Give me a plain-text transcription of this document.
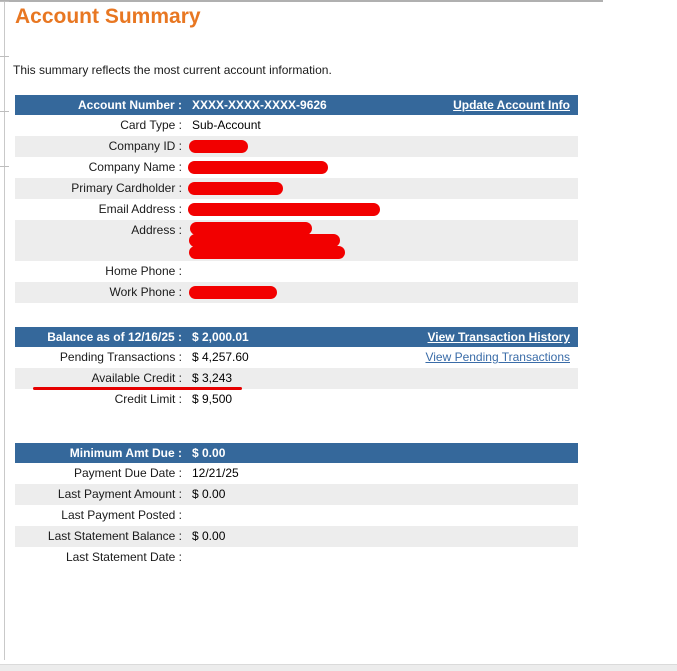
Account Summary

This summary reflects the most current account information.

Account Number : XXXX-XXXX-XXXX-9626	Update Account Info
Card Type : Sub-Account
Company ID :
Company Name :
Primary Cardholder :
Email Address :
Address :
Home Phone :
Work Phone :
Balance as of 12/16/25 : $ 2,000.01	View Transaction History
Pending Transactions : $ 4,257.60	View Pending Transactions
Available Credit : $ 3,243
Credit Limit : $ 9,500
Minimum Amt Due : $ 0.00
Payment Due Date : 12/21/25
Last Payment Amount : $ 0.00
Last Payment Posted :
Last Statement Balance : $ 0.00
Last Statement Date :
